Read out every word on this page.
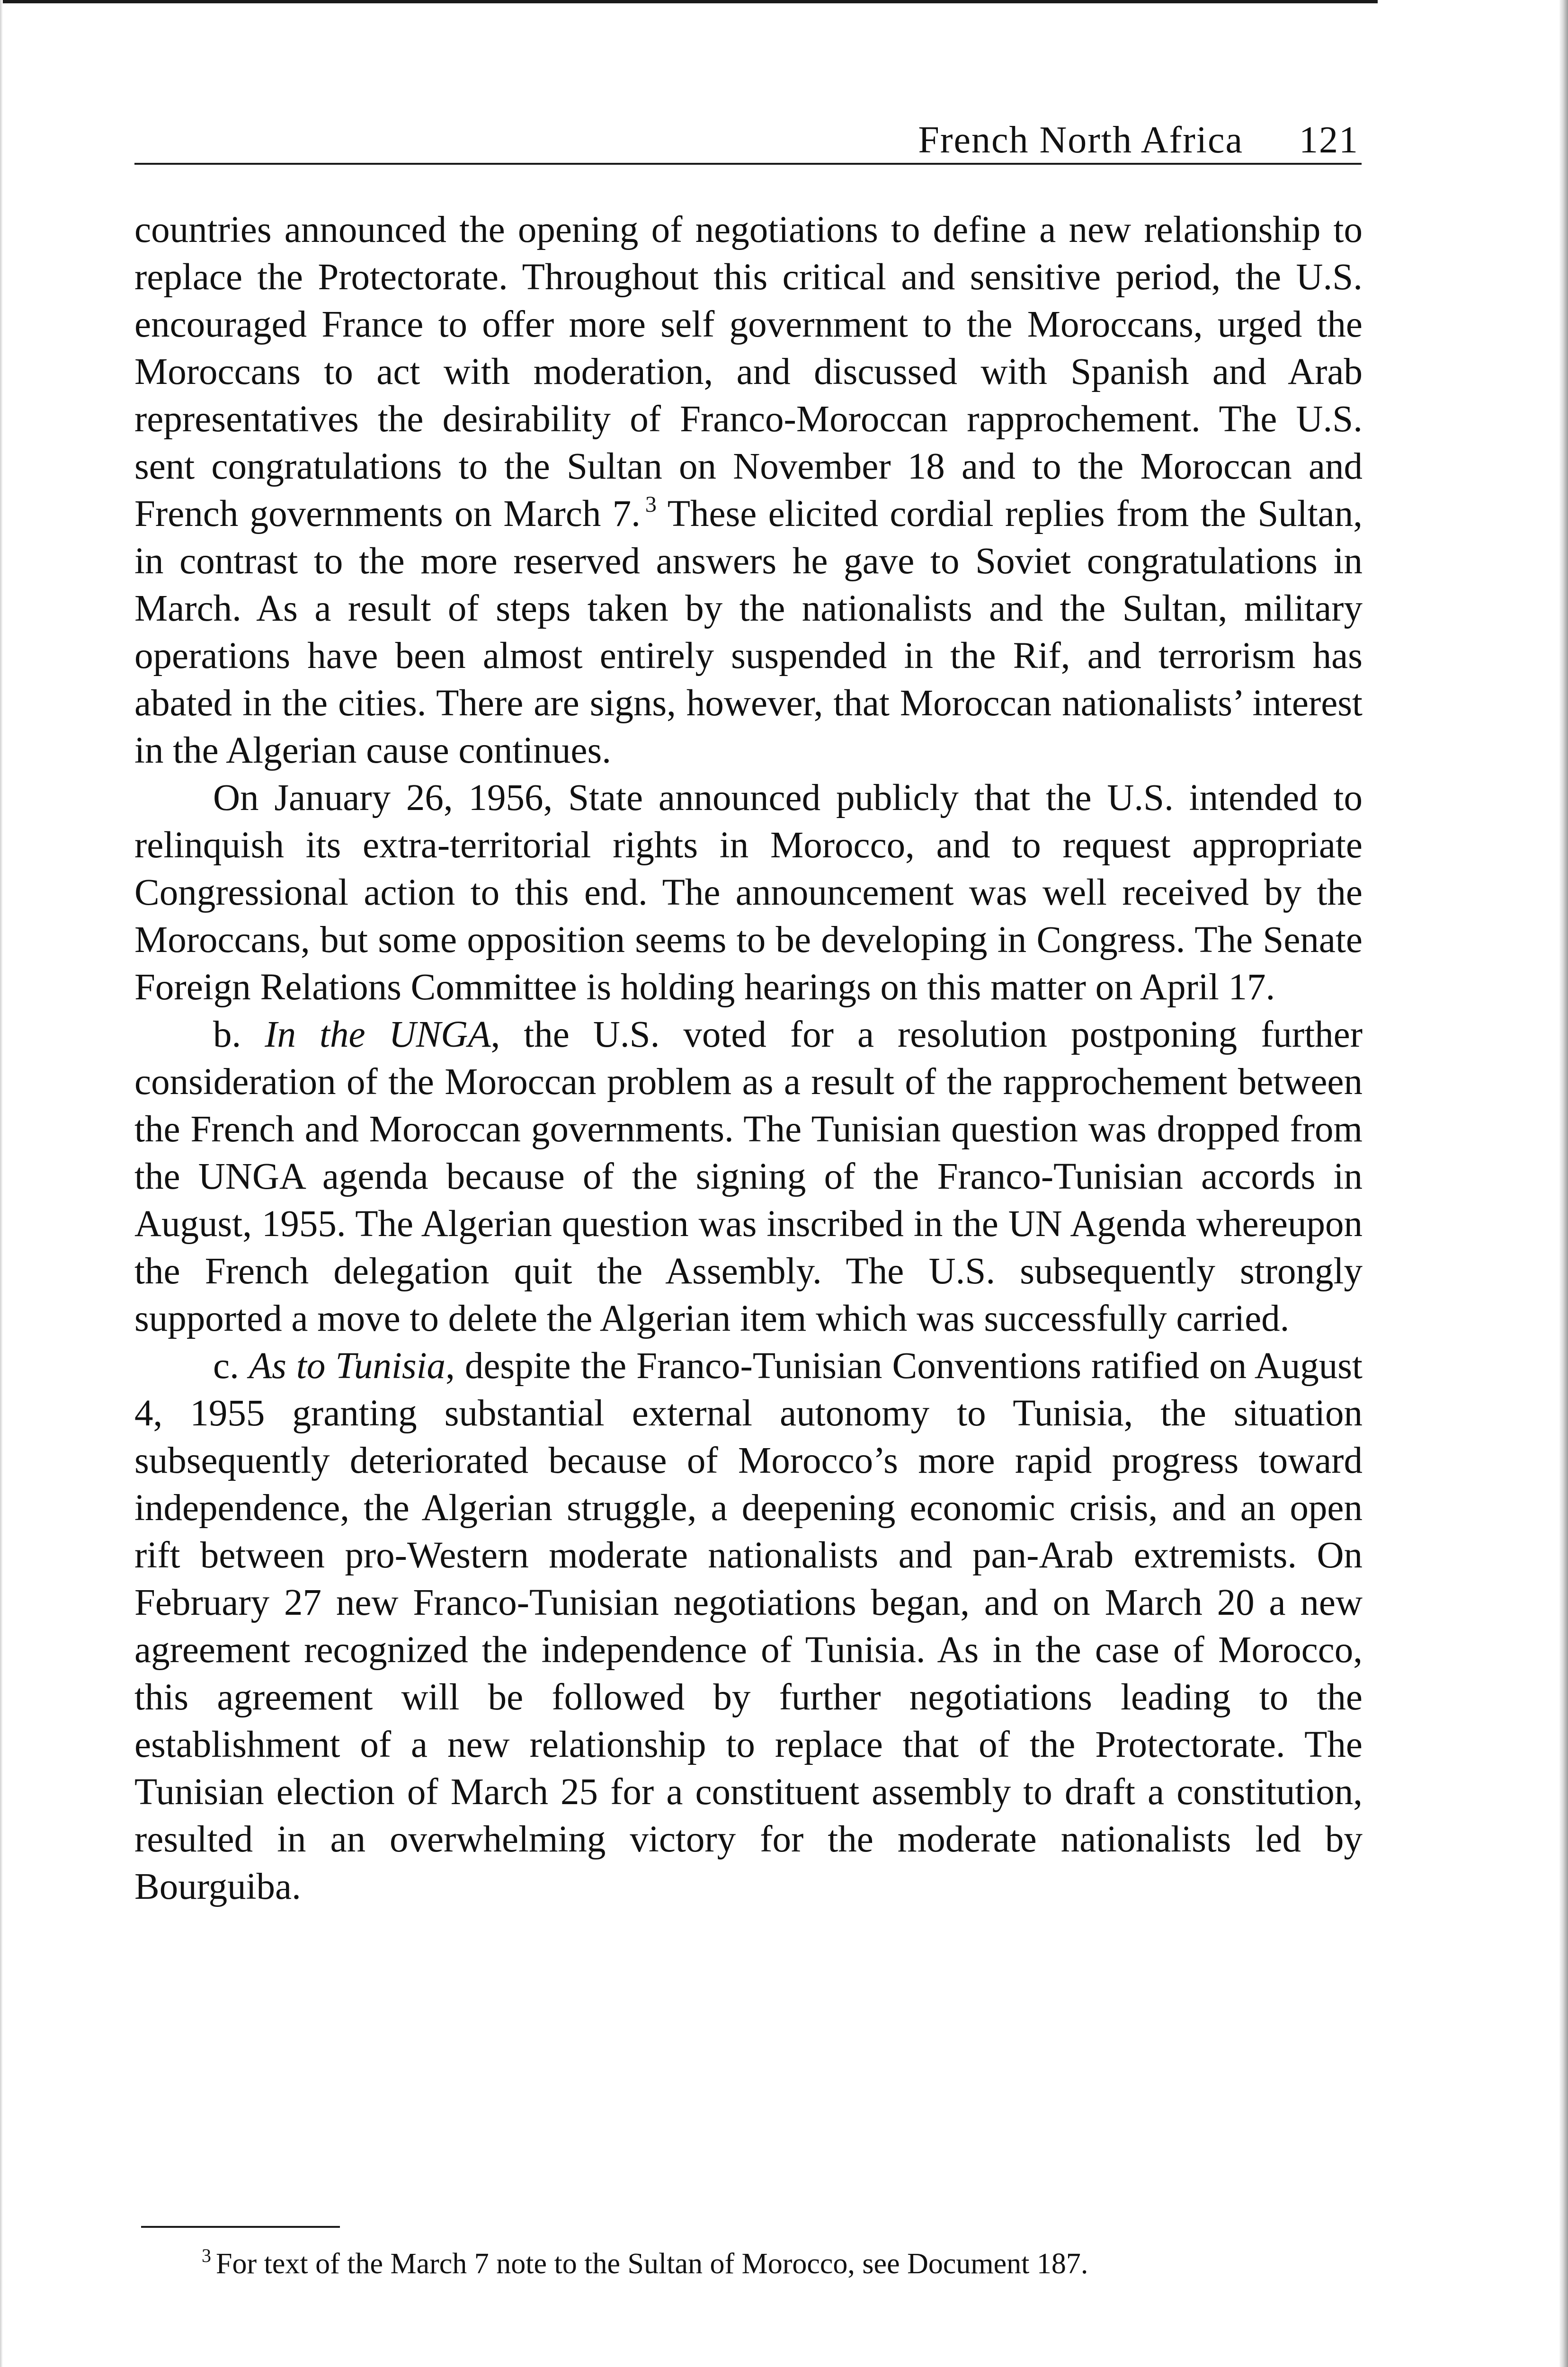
French North Africa 121

countries announced the opening of negotiations to define a new relationship to replace the Protectorate. Throughout this critical and sensitive period, the U.S. encouraged France to offer more self government to the Moroccans, urged the Moroccans to act with moderation, and discussed with Spanish and Arab representatives the desirability of Franco-Moroccan rapprochement. The U.S. sent congratulations to the Sultan on November 18 and to the Moroccan and French governments on March 7. $^3$ These elicited cordial replies from the Sultan, in contrast to the more reserved answers he gave to Soviet congratulations in March. As a result of steps taken by the nationalists and the Sultan, military operations have been almost entirely suspended in the Rif, and terrorism has abated in the cities. There are signs, however, that Moroccan nationalists’ interest in the Algerian cause continues.

On January 26, 1956, State announced publicly that the U.S. intended to relinquish its extra-territorial rights in Morocco, and to request appropriate Congressional action to this end. The announcement was well received by the Moroccans, but some opposition seems to be developing in Congress. The Senate Foreign Relations Committee is holding hearings on this matter on April 17.

b. In the UNGA, the U.S. voted for a resolution postponing further consideration of the Moroccan problem as a result of the rapprochement between the French and Moroccan governments. The Tunisian question was dropped from the UNGA agenda because of the signing of the Franco-Tunisian accords in August, 1955. The Algerian question was inscribed in the UN Agenda whereupon the French delegation quit the Assembly. The U.S. subsequently strongly supported a move to delete the Algerian item which was successfully carried.

c. As to Tunisia, despite the Franco-Tunisian Conventions ratified on August 4, 1955 granting substantial external autonomy to Tunisia, the situation subsequently deteriorated because of Morocco’s more rapid progress toward independence, the Algerian struggle, a deepening economic crisis, and an open rift between pro-Western moderate nationalists and pan-Arab extremists. On February 27 new Franco-Tunisian negotiations began, and on March 20 a new agreement recognized the independence of Tunisia. As in the case of Morocco, this agreement will be followed by further negotiations leading to the establishment of a new relationship to replace that of the Protectorate. The Tunisian election of March 25 for a constituent assembly to draft a constitution, resulted in an overwhelming victory for the moderate nationalists led by Bourguiba.

$^3$ For text of the March 7 note to the Sultan of Morocco, see Document 187.
